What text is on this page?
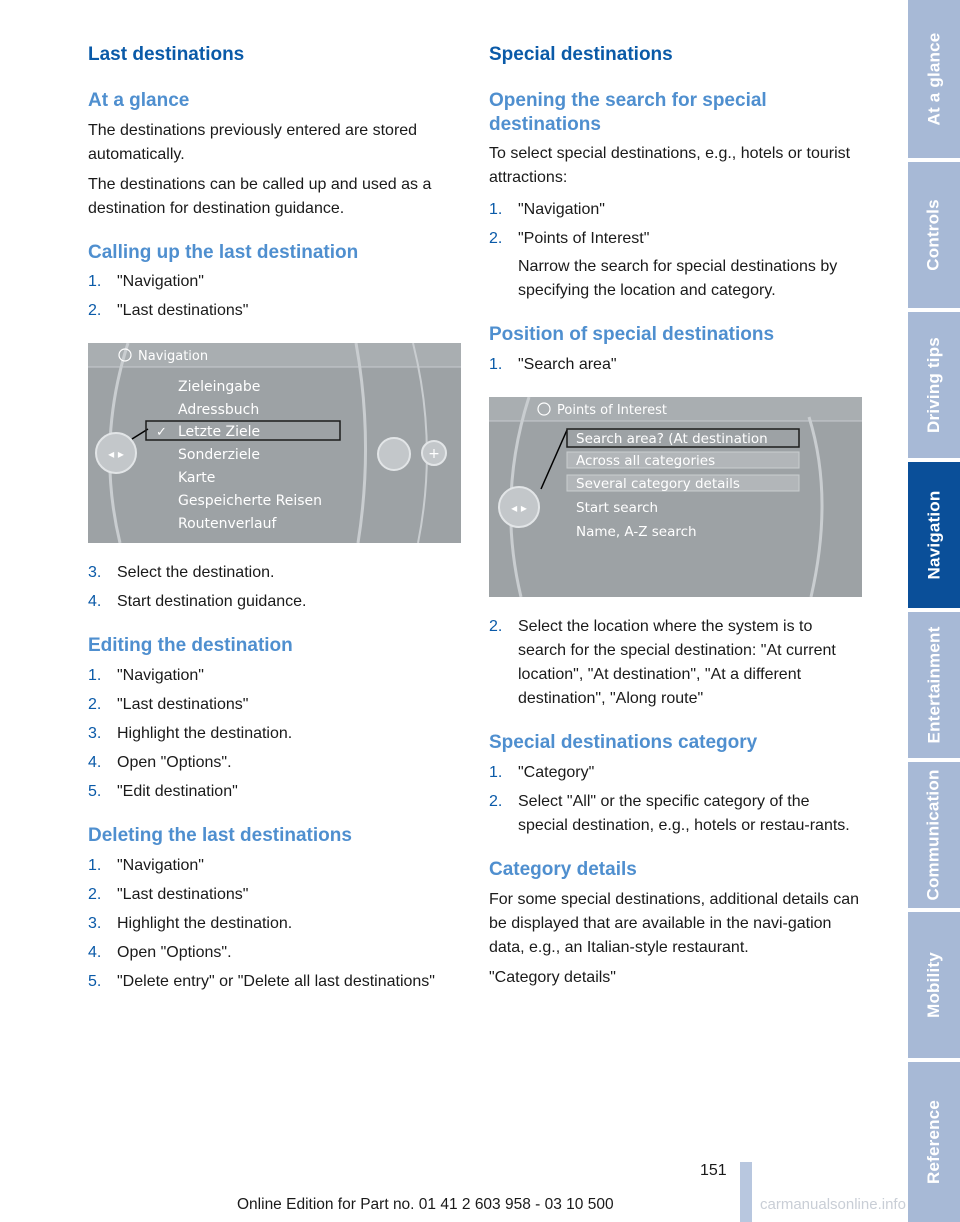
Last destinations
At a glance

The destinations previously entered are stored automatically.

The destinations can be called up and used as a destination for destination guidance.

Calling up the last destination
1. "Navigation"
2. "Last destinations"
◂ ▸	+
Navigation
Zieleingabe
Adressbuch
✓ Letzte Ziele
Sonderziele
Karte
Gespeicherte Reisen
Routenverlauf
3. Select the destination.
4. Start destination guidance.
Editing the destination
1. "Navigation"
2. "Last destinations"
3. Highlight the destination.
4. Open "Options".
5. "Edit destination"
Deleting the last destinations
1. "Navigation"
2. "Last destinations"
3. Highlight the destination.
4. Open "Options".
5. "Delete entry" or "Delete all last destinations"
Special destinations
Opening the search for special destinations

To select special destinations, e.g., hotels or tourist attractions:

1. "Navigation"
2. "Points of Interest"
Narrow the search for special destinations by specifying the location and category.
Position of special destinations
1. "Search area"
◂ ▸
Points of Interest
Search area? (At destination
Across all categories
Several category details
Start search
Name, A-Z search
2. Select the location where the system is to search for the special destination: "At current location", "At destination", "At a different destination", "Along route"
Special destinations category
1. "Category"
2. Select "All" or the specific category of the special destination, e.g., hotels or restau-rants.
Category details

For some special destinations, additional details can be displayed that are available in the navi-gation data, e.g., an Italian-style restaurant.

"Category details"

At a glance
Controls
Driving tips
Navigation
Entertainment
Communication
Mobility
Reference
151
Online Edition for Part no. 01 41 2 603 958 - 03 10 500	carmanualsonline.info
